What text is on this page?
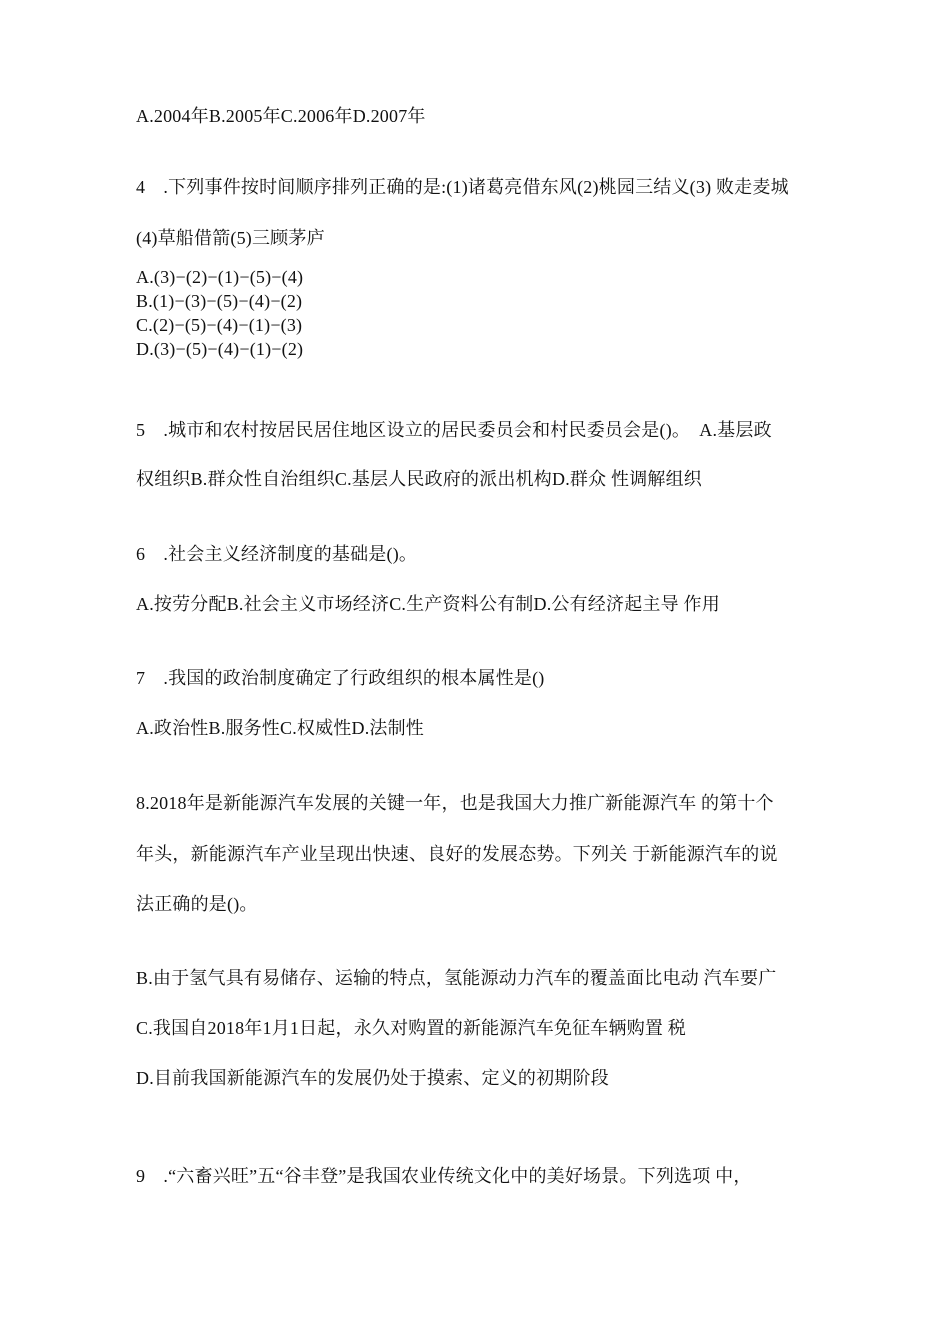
A.2004年B.2005年C.2006年D.2007年
4　.下列事件按时间顺序排列正确的是:(1)诸葛亮借东风(2)桃园三结义(3) 败走麦城
(4)草船借箭(5)三顾茅庐
A.(3)−(2)−(1)−(5)−(4)
B.(1)−(3)−(5)−(4)−(2)
C.(2)−(5)−(4)−(1)−(3)
D.(3)−(5)−(4)−(1)−(2)
5　.城市和农村按居民居住地区设立的居民委员会和村民委员会是()。　A.基层政
权组织B.群众性自治组织C.基层人民政府的派出机构D.群众 性调解组织
6　.社会主义经济制度的基础是()。
A.按劳分配B.社会主义市场经济C.生产资料公有制D.公有经济起主导 作用
7　.我国的政治制度确定了行政组织的根本属性是()
A.政治性B.服务性C.权威性D.法制性
8.2018年是新能源汽车发展的关键一年，也是我国大力推广新能源汽车 的第十个
年头，新能源汽车产业呈现出快速、良好的发展态势。下列关 于新能源汽车的说
法正确的是()。
B.由于氢气具有易储存、运输的特点，氢能源动力汽车的覆盖面比电动 汽车要广
C.我国自2018年1月1日起，永久对购置的新能源汽车免征车辆购置 税
D.目前我国新能源汽车的发展仍处于摸索、定义的初期阶段
9　.“六畜兴旺”五“谷丰登”是我国农业传统文化中的美好场景。下列选项 中，
